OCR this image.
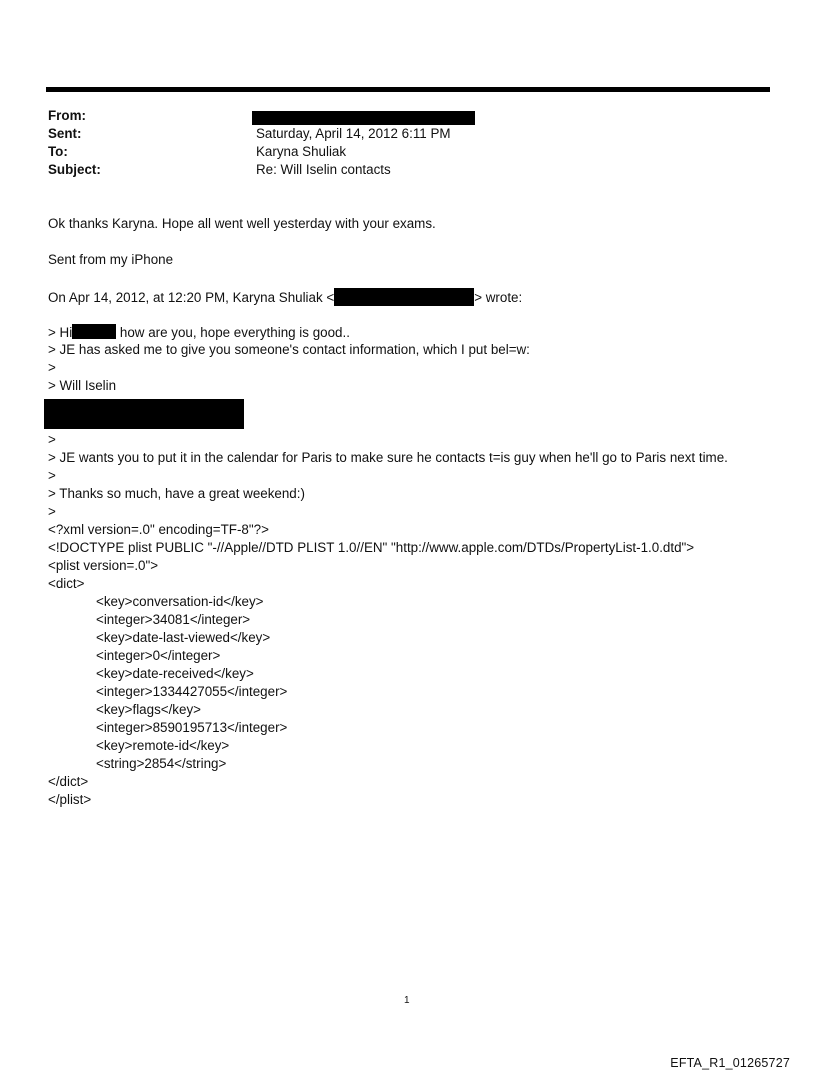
From:
Sent:	Saturday, April 14, 2012 6:11 PM
To:	Karyna Shuliak
Subject:	Re: Will Iselin contacts
Ok thanks Karyna. Hope all went well yesterday with your exams.
Sent from my iPhone
On Apr 14, 2012, at 12:20 PM, Karyna Shuliak <	> wrote:
> Hi	how are you, hope everything is good..
> JE has asked me to give you someone's contact information, which I put bel=w:
>
> Will Iselin
>
> JE wants you to put it in the calendar for Paris to make sure he contacts t=is guy when he'll go to Paris next time.
>
> Thanks so much, have a great weekend:)
>
<?xml version=.0" encoding=TF-8"?>
<!DOCTYPE plist PUBLIC "-//Apple//DTD PLIST 1.0//EN" "http://www.apple.com/DTDs/PropertyList-1.0.dtd">
<plist version=.0">
<dict>
<key>conversation-id</key>
<integer>34081</integer>
<key>date-last-viewed</key>
<integer>0</integer>
<key>date-received</key>
<integer>1334427055</integer>
<key>flags</key>
<integer>8590195713</integer>
<key>remote-id</key>
<string>2854</string>
</dict>
</plist>
1
EFTA_R1_01265727
